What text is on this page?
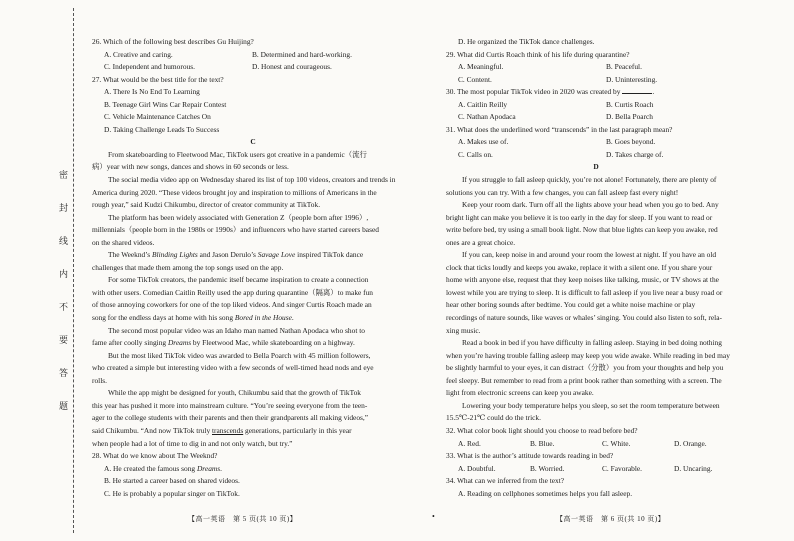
密封线内不要答题

26. Which of the following best describes Gu Huijing?

A. Creative and caring.	B. Determined and hard-working.
C. Independent and humorous.	D. Honest and courageous.

27. What would be the best title for the text?

A. There Is No End To Learning

B. Teenage Girl Wins Car Repair Contest

C. Vehicle Maintenance Catches On

D. Taking Challenge Leads To Success

C

From skateboarding to Fleetwood Mac, TikTok users got creative in a pandemic（流行

病）year with new songs, dances and shows in 60 seconds or less.

The social media video app on Wednesday shared its list of top 100 videos, creators and trends in

America during 2020. “These videos brought joy and inspiration to millions of Americans in the

rough year,” said Kudzi Chikumbu, director of creator community at TikTok.

The platform has been widely associated with Generation Z（people born after 1996）,

millennials（people born in the 1980s or 1990s）and influencers who have started careers based

on the shared videos.

The Weeknd’s Blinding Lights and Jason Derulo’s Savage Love inspired TikTok dance

challenges that made them among the top songs used on the app.

For some TikTok creators, the pandemic itself became inspiration to create a connection

with other users. Comedian Caitlin Reilly used the app during quarantine（隔离）to make fun

of those annoying coworkers for one of the top liked videos. And singer Curtis Roach made an

song for the endless days at home with his song Bored in the House.

The second most popular video was an Idaho man named Nathan Apodaca who shot to

fame after coolly singing Dreams by Fleetwood Mac, while skateboarding on a highway.

But the most liked TikTok video was awarded to Bella Poarch with 45 million followers,

who created a simple but interesting video with a few seconds of well-timed head nods and eye

rolls.

While the app might be designed for youth, Chikumbu said that the growth of TikTok

this year has pushed it more into mainstream culture. “You’re seeing everyone from the teen-

ager to the college students with their parents and then their grandparents all making videos,”

said Chikumbu. “And now TikTok truly transcends generations, particularly in this year

when people had a lot of time to dig in and not only watch, but try.”

28. What do we know about The Weeknd?

A. He created the famous song Dreams.

B. He started a career based on shared videos.

C. He is probably a popular singer on TikTok.

D. He organized the TikTok dance challenges.

29. What did Curtis Roach think of his life during quarantine?

A. Meaningful.	B. Peaceful.
C. Content.	D. Uninteresting.

30. The most popular TikTok video in 2020 was created by	.

A. Caitlin Reilly	B. Curtis Roach
C. Nathan Apodaca	D. Bella Poarch

31. What does the underlined word “transcends” in the last paragraph mean?

A. Makes use of.	B. Goes beyond.
C. Calls on.	D. Takes charge of.

D

If you struggle to fall asleep quickly, you’re not alone! Fortunately, there are plenty of

solutions you can try. With a few changes, you can fall asleep fast every night!

Keep your room dark. Turn off all the lights above your head when you go to bed. Any

bright light can make you believe it is too early in the day for sleep. If you want to read or

write before bed, try using a small book light. Now that blue lights can keep you awake, red

ones are a great choice.

If you can, keep noise in and around your room the lowest at night. If you have an old

clock that ticks loudly and keeps you awake, replace it with a silent one. If you share your

home with anyone else, request that they keep noises like talking, music, or TV shows at the

lowest while you are trying to sleep. It is difficult to fall asleep if you live near a busy road or

hear other boring sounds after bedtime. You could get a white noise machine or play

recordings of nature sounds, like waves or whales’ singing. You could also listen to soft, rela-

xing music.

Read a book in bed if you have difficulty in falling asleep. Staying in bed doing nothing

when you’re having trouble falling asleep may keep you wide awake. While reading in bed may

be slightly harmful to your eyes, it can distract（分散）you from your thoughts and help you

feel sleepy. But remember to read from a print book rather than something with a screen. The

light from electronic screens can keep you awake.

Lowering your body temperature helps you sleep, so set the room temperature between

15.5℃-21℃ could do the trick.

32. What color book light should you choose to read before bed?

A. Red.	B. Blue.	C. White.	D. Orange.

33. What is the author’s attitude towards reading in bed?

A. Doubtful.	B. Worried.	C. Favorable.	D. Uncaring.

34. What can we inferred from the text?

A. Reading on cellphones sometimes helps you fall asleep.

【高一英语　第 5 页(共 10 页)】	•	【高一英语　第 6 页(共 10 页)】
